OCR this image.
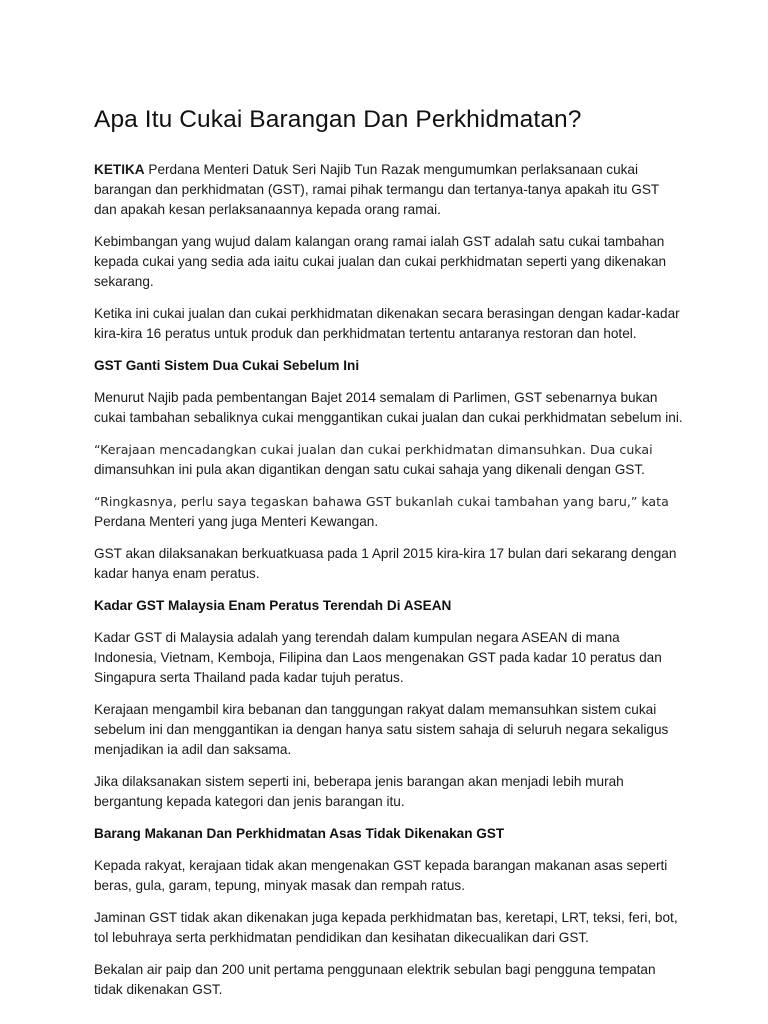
Apa Itu Cukai Barangan Dan Perkhidmatan?

KETIKA Perdana Menteri Datuk Seri Najib Tun Razak mengumumkan perlaksanaan cukai barangan dan perkhidmatan (GST), ramai pihak termangu dan tertanya-tanya apakah itu GST dan apakah kesan perlaksanaannya kepada orang ramai.

Kebimbangan yang wujud dalam kalangan orang ramai ialah GST adalah satu cukai tambahan kepada cukai yang sedia ada iaitu cukai jualan dan cukai perkhidmatan seperti yang dikenakan sekarang.

Ketika ini cukai jualan dan cukai perkhidmatan dikenakan secara berasingan dengan kadar-kadar kira-kira 16 peratus untuk produk dan perkhidmatan tertentu antaranya restoran dan hotel.

GST Ganti Sistem Dua Cukai Sebelum Ini

Menurut Najib pada pembentangan Bajet 2014 semalam di Parlimen, GST sebenarnya bukan cukai tambahan sebaliknya cukai menggantikan cukai jualan dan cukai perkhidmatan sebelum ini.

“Kerajaan mencadangkan cukai jualan dan cukai perkhidmatan dimansuhkan. Dua cukai dimansuhkan ini pula akan digantikan dengan satu cukai sahaja yang dikenali dengan GST.

“Ringkasnya, perlu saya tegaskan bahawa GST bukanlah cukai tambahan yang baru,” kata Perdana Menteri yang juga Menteri Kewangan.

GST akan dilaksanakan berkuatkuasa pada 1 April 2015 kira-kira 17 bulan dari sekarang dengan kadar hanya enam peratus.

Kadar GST Malaysia Enam Peratus Terendah Di ASEAN

Kadar GST di Malaysia adalah yang terendah dalam kumpulan negara ASEAN di mana Indonesia, Vietnam, Kemboja, Filipina dan Laos mengenakan GST pada kadar 10 peratus dan Singapura serta Thailand pada kadar tujuh peratus.

Kerajaan mengambil kira bebanan dan tanggungan rakyat dalam memansuhkan sistem cukai sebelum ini dan menggantikan ia dengan hanya satu sistem sahaja di seluruh negara sekaligus menjadikan ia adil dan saksama.

Jika dilaksanakan sistem seperti ini, beberapa jenis barangan akan menjadi lebih murah bergantung kepada kategori dan jenis barangan itu.

Barang Makanan Dan Perkhidmatan Asas Tidak Dikenakan GST

Kepada rakyat, kerajaan tidak akan mengenakan GST kepada barangan makanan asas seperti beras, gula, garam, tepung, minyak masak dan rempah ratus.

Jaminan GST tidak akan dikenakan juga kepada perkhidmatan bas, keretapi, LRT, teksi, feri, bot, tol lebuhraya serta perkhidmatan pendidikan dan kesihatan dikecualikan dari GST.

Bekalan air paip dan 200 unit pertama penggunaan elektrik sebulan bagi pengguna tempatan tidak dikenakan GST.
